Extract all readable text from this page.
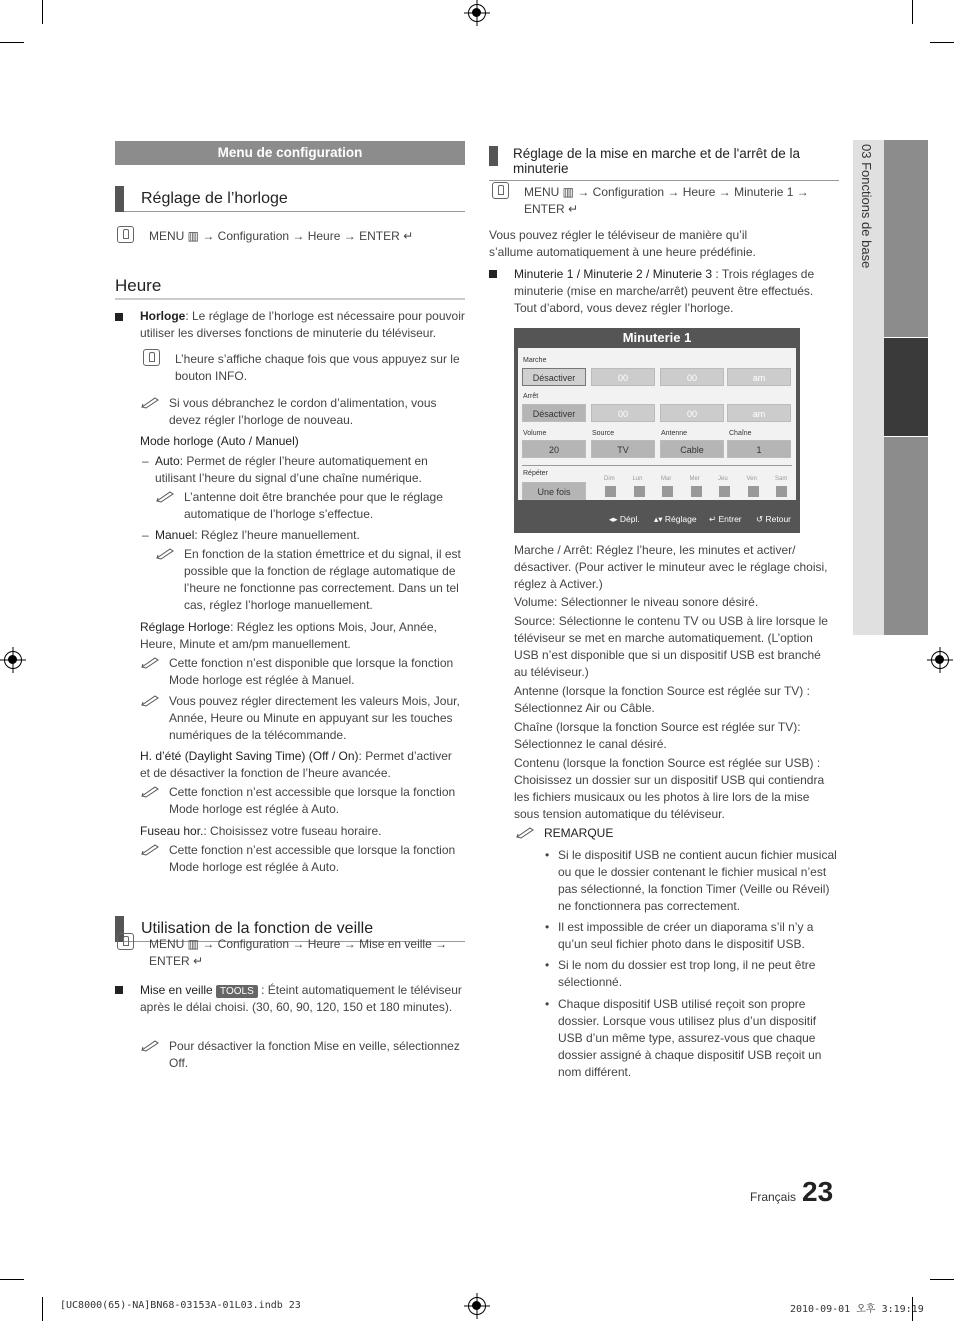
03 Fonctions de base
Menu de configuration
Réglage de l’horloge
MENU ▥ → Configuration → Heure → ENTER ↵
Heure
Horloge: Le réglage de l’horloge est nécessaire pour pouvoir utiliser les diverses fonctions de minuterie du téléviseur.
L’heure s’affiche chaque fois que vous appuyez sur le bouton INFO.
Si vous débranchez le cordon d’alimentation, vous devez régler l’horloge de nouveau.
Mode horloge (Auto / Manuel)
– Auto: Permet de régler l’heure automatiquement en utilisant l’heure du signal d’une chaîne numérique.
L’antenne doit être branchée pour que le réglage automatique de l’horloge s’effectue.
– Manuel: Réglez l’heure manuellement.
En fonction de la station émettrice et du signal, il est possible que la fonction de réglage automatique de l’heure ne fonctionne pas correctement. Dans un tel cas, réglez l’horloge manuellement.
Réglage Horloge: Réglez les options Mois, Jour, Année, Heure, Minute et am/pm manuellement.
Cette fonction n’est disponible que lorsque la fonction Mode horloge est réglée à Manuel.
Vous pouvez régler directement les valeurs Mois, Jour, Année, Heure ou Minute en appuyant sur les touches numériques de la télécommande.
H. d’été (Daylight Saving Time) (Off / On): Permet d’activer et de désactiver la fonction de l’heure avancée.
Cette fonction n’est accessible que lorsque la fonction Mode horloge est réglée à Auto.
Fuseau hor.: Choisissez votre fuseau horaire.
Cette fonction n’est accessible que lorsque la fonction Mode horloge est réglée à Auto.
Utilisation de la fonction de veille
MENU ▥ → Configuration → Heure → Mise en veille → ENTER ↵
Mise en veille TOOLS : Éteint automatiquement le téléviseur après le délai choisi. (30, 60, 90, 120, 150 et 180 minutes).
Pour désactiver la fonction Mise en veille, sélectionnez Off.
Réglage de la mise en marche et de l'arrêt de la minuterie
MENU ▥ → Configuration → Heure → Minuterie 1 → ENTER ↵
Vous pouvez régler le téléviseur de manière qu’il s’allume automatiquement à une heure prédéfinie.
Minuterie 1 / Minuterie 2 / Minuterie 3 : Trois réglages de minuterie (mise en marche/arrêt) peuvent être effectués. Tout d’abord, vous devez régler l’horloge.
Minuterie 1
Marche
Désactiver	00	00	am
Arrêt
Désactiver	00	00	am
Volume	Source	Antenne	Chaîne
20	TV	Cable	1
Répéter
Une fois
Dim	Lun	Mar	Mer	Jeu	Ven	Sam
◂▸ Dépl. ▴▾ Réglage ↵ Entrer ↺ Retour
Marche / Arrêt: Réglez l’heure, les minutes et activer/ désactiver. (Pour activer le minuteur avec le réglage choisi, réglez à Activer.)
Volume: Sélectionner le niveau sonore désiré.
Source: Sélectionne le contenu TV ou USB à lire lorsque le téléviseur se met en marche automatiquement. (L’option USB n’est disponible que si un dispositif USB est branché au téléviseur.)
Antenne (lorsque la fonction Source est réglée sur TV) : Sélectionnez Air ou Câble.
Chaîne (lorsque la fonction Source est réglée sur TV): Sélectionnez le canal désiré.
Contenu (lorsque la fonction Source est réglée sur USB) : Choisissez un dossier sur un dispositif USB qui contiendra les fichiers musicaux ou les photos à lire lors de la mise sous tension automatique du téléviseur.
REMARQUE
• Si le dispositif USB ne contient aucun fichier musical ou que le dossier contenant le fichier musical n’est pas sélectionné, la fonction Timer (Veille ou Réveil) ne fonctionnera pas correctement.
• Il est impossible de créer un diaporama s’il n’y a qu’un seul fichier photo dans le dispositif USB.
• Si le nom du dossier est trop long, il ne peut être sélectionné.
• Chaque dispositif USB utilisé reçoit son propre dossier. Lorsque vous utilisez plus d’un dispositif USB d’un même type, assurez-vous que chaque dossier assigné à chaque dispositif USB reçoit un nom différent.
Français 23
[UC8000(65)-NA]BN68-03153A-01L03.indb 23	2010-09-01 오후 3:19:19
